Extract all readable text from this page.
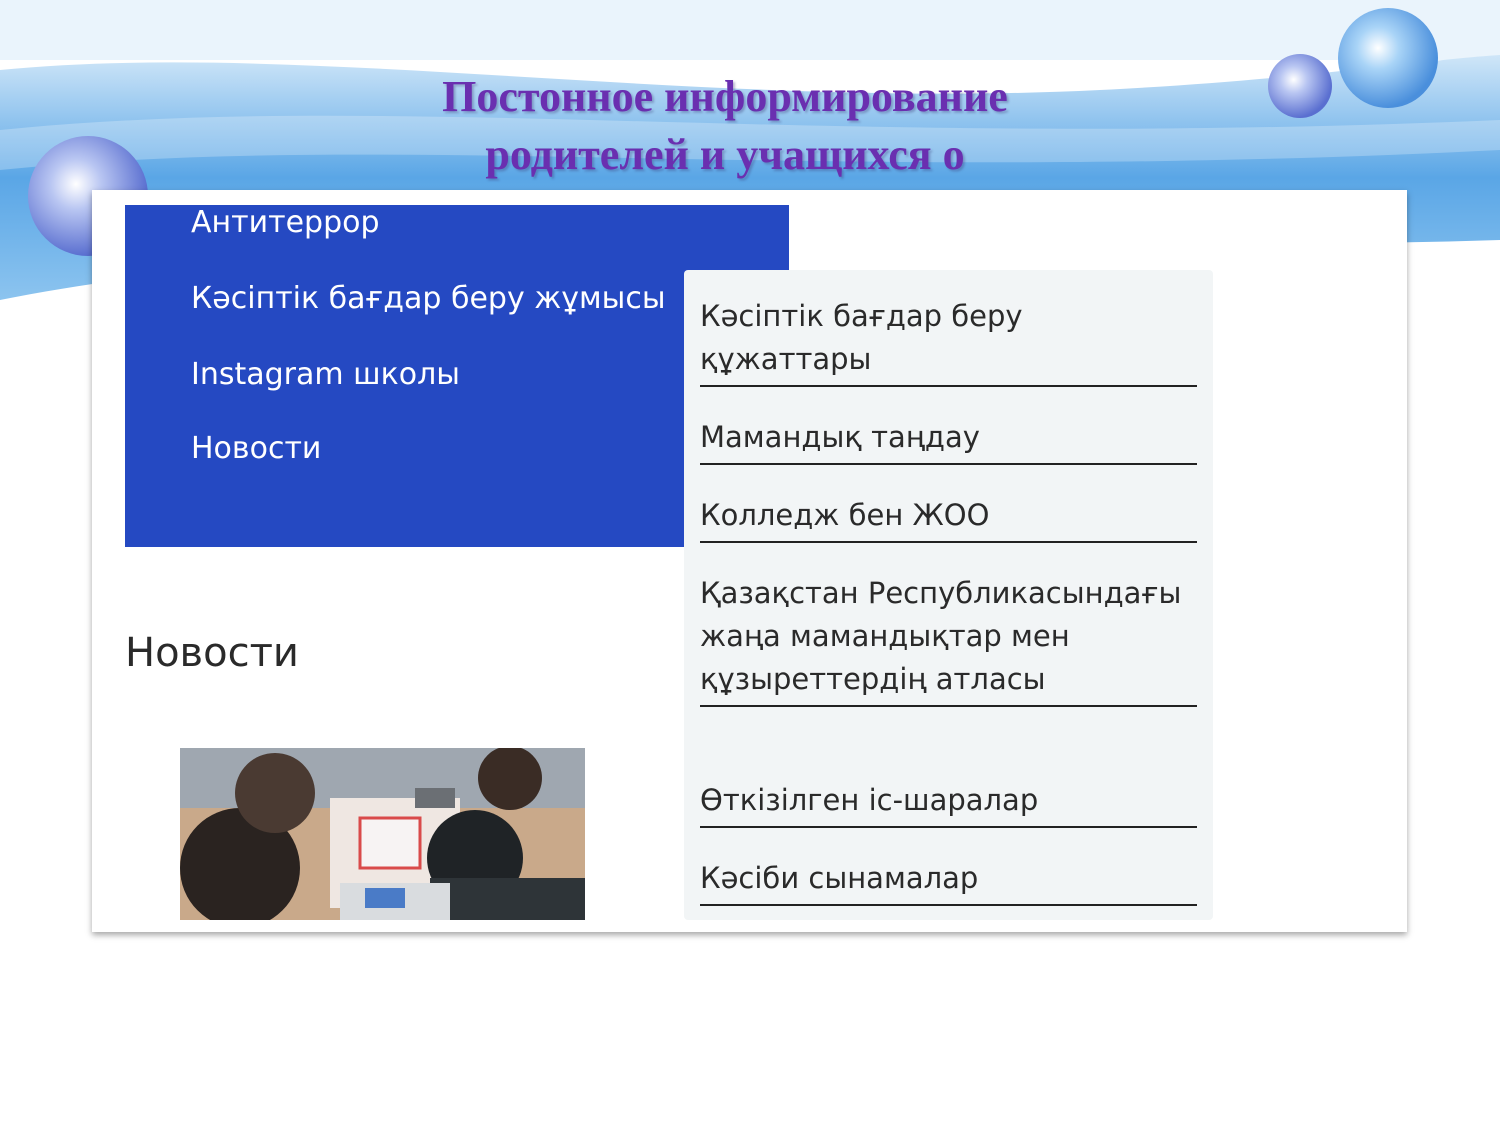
Постонное информирование
родителей и учащихся о
Антитеррор
Кәсіптік бағдар беру жұмысы
Instagram школы
Новости
Новости
Кәсіптік бағдар беру құжаттары
Мамандық таңдау
Колледж бен ЖОО
Қазақстан Республикасындағы жаңа мамандықтар мен құзыреттердің атласы
Өткізілген іс-шаралар
Кәсіби сынамалар
